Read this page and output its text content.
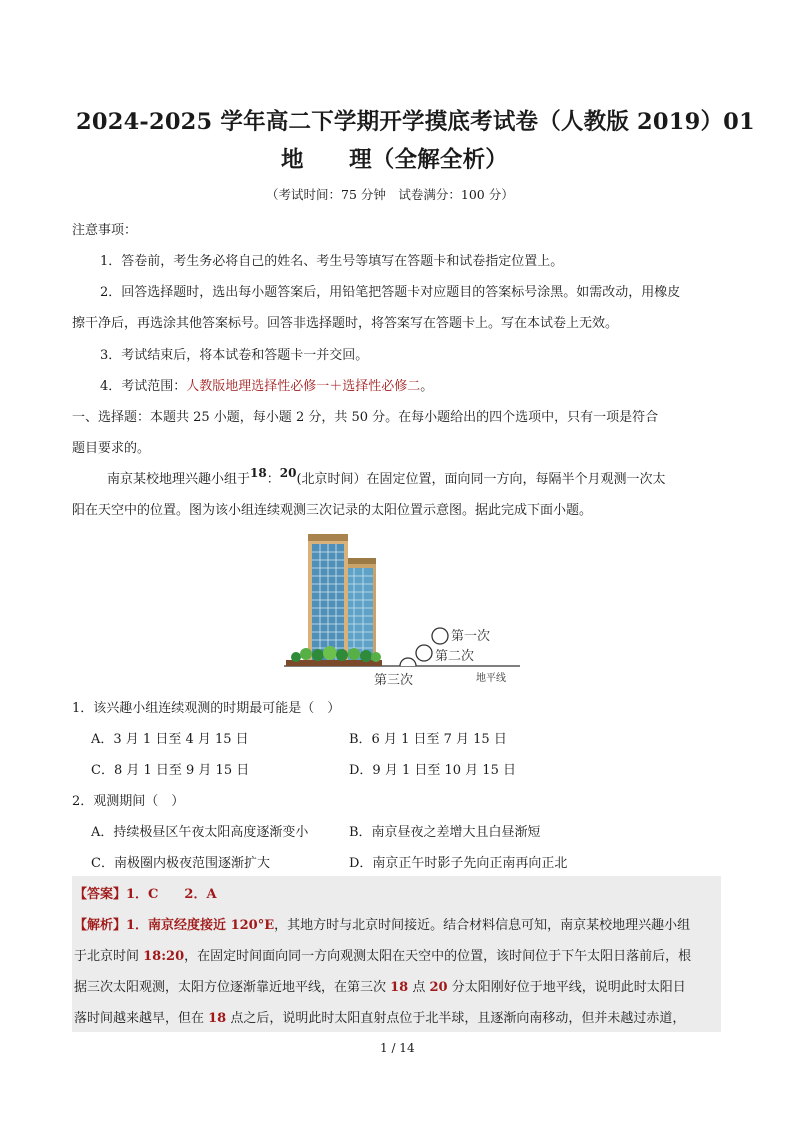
2024-2025 学年高二下学期开学摸底考试卷（人教版 2019）01
地　　理（全解全析）
（考试时间：75 分钟　试卷满分：100 分）
注意事项：
1．答卷前，考生务必将自己的姓名、考生号等填写在答题卡和试卷指定位置上。
2．回答选择题时，选出每小题答案后，用铅笔把答题卡对应题目的答案标号涂黑。如需改动，用橡皮
擦干净后，再选涂其他答案标号。回答非选择题时，将答案写在答题卡上。写在本试卷上无效。
3．考试结束后，将本试卷和答题卡一并交回。
4．考试范围：人教版地理选择性必修一＋选择性必修二。
一、选择题：本题共 25 小题，每小题 2 分，共 50 分。在每小题给出的四个选项中，只有一项是符合
题目要求的。
南京某校地理兴趣小组于18：20(北京时间）在固定位置，面向同一方向，每隔半个月观测一次太
阳在天空中的位置。图为该小组连续观测三次记录的太阳位置示意图。据此完成下面小题。
第一次
第二次
第三次	地平线
1．该兴趣小组连续观测的时期最可能是（　）
A．3 月 1 日至 4 月 15 日	B．6 月 1 日至 7 月 15 日
C．8 月 1 日至 9 月 15 日	D．9 月 1 日至 10 月 15 日
2．观测期间（　）
A．持续极昼区午夜太阳高度逐渐变小	B．南京昼夜之差增大且白昼渐短
C．南极圈内极夜范围逐渐扩大	D．南京正午时影子先向正南再向正北
【答案】1．C　　2．A
【解析】1．南京经度接近 120°E，其地方时与北京时间接近。结合材料信息可知，南京某校地理兴趣小组
于北京时间 18:20，在固定时间面向同一方向观测太阳在天空中的位置，该时间位于下午太阳日落前后，根
据三次太阳观测，太阳方位逐渐靠近地平线，在第三次 18 点 20 分太阳刚好位于地平线，说明此时太阳日
落时间越来越早，但在 18 点之后，说明此时太阳直射点位于北半球，且逐渐向南移动，但并未越过赤道，
1 / 14
